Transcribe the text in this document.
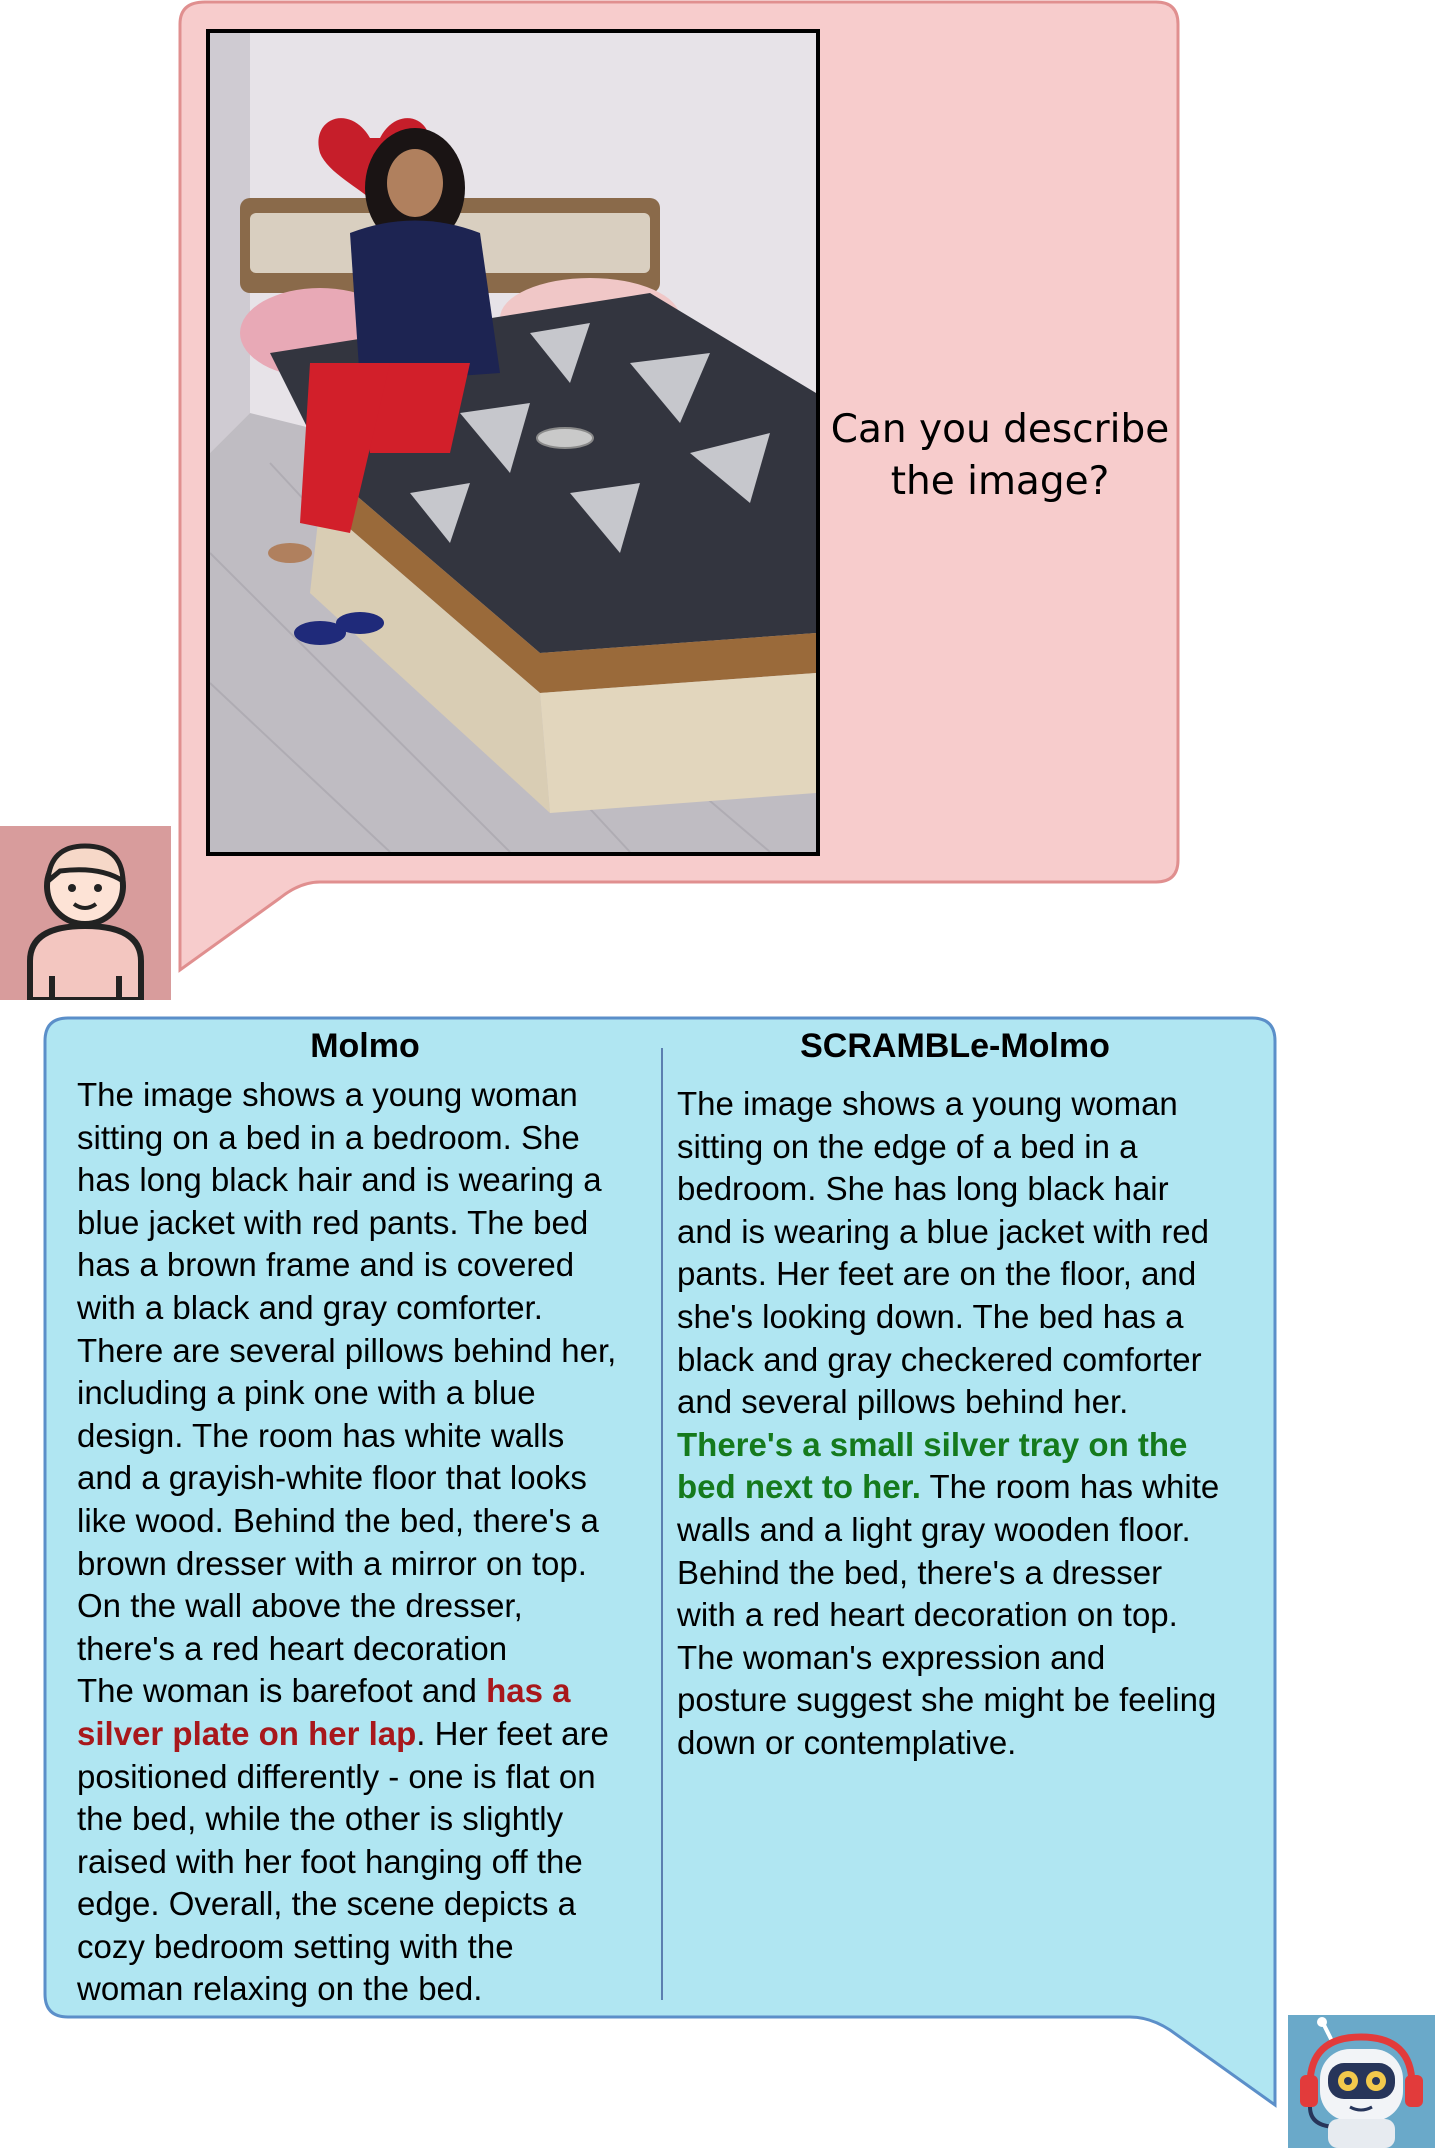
Can you describe
the image?
Molmo	SCRAMBLe-Molmo
The image shows a young woman
sitting on a bed in a bedroom. She
has long black hair and is wearing a
blue jacket with red pants. The bed
has a brown frame and is covered
with a black and gray comforter.
There are several pillows behind her,
including a pink one with a blue
design. The room has white walls
and a grayish-white floor that looks
like wood. Behind the bed, there's a
brown dresser with a mirror on top.
On the wall above the dresser,
there's a red heart decoration
The woman is barefoot and has a
silver plate on her lap. Her feet are
positioned differently - one is flat on
the bed, while the other is slightly
raised with her foot hanging off the
edge. Overall, the scene depicts a
cozy bedroom setting with the
woman relaxing on the bed.
The image shows a young woman
sitting on the edge of a bed in a
bedroom. She has long black hair
and is wearing a blue jacket with red
pants. Her feet are on the floor, and
she's looking down. The bed has a
black and gray checkered comforter
and several pillows behind her.
There's a small silver tray on the
bed next to her. The room has white
walls and a light gray wooden floor.
Behind the bed, there's a dresser
with a red heart decoration on top.
The woman's expression and
posture suggest she might be feeling
down or contemplative.
